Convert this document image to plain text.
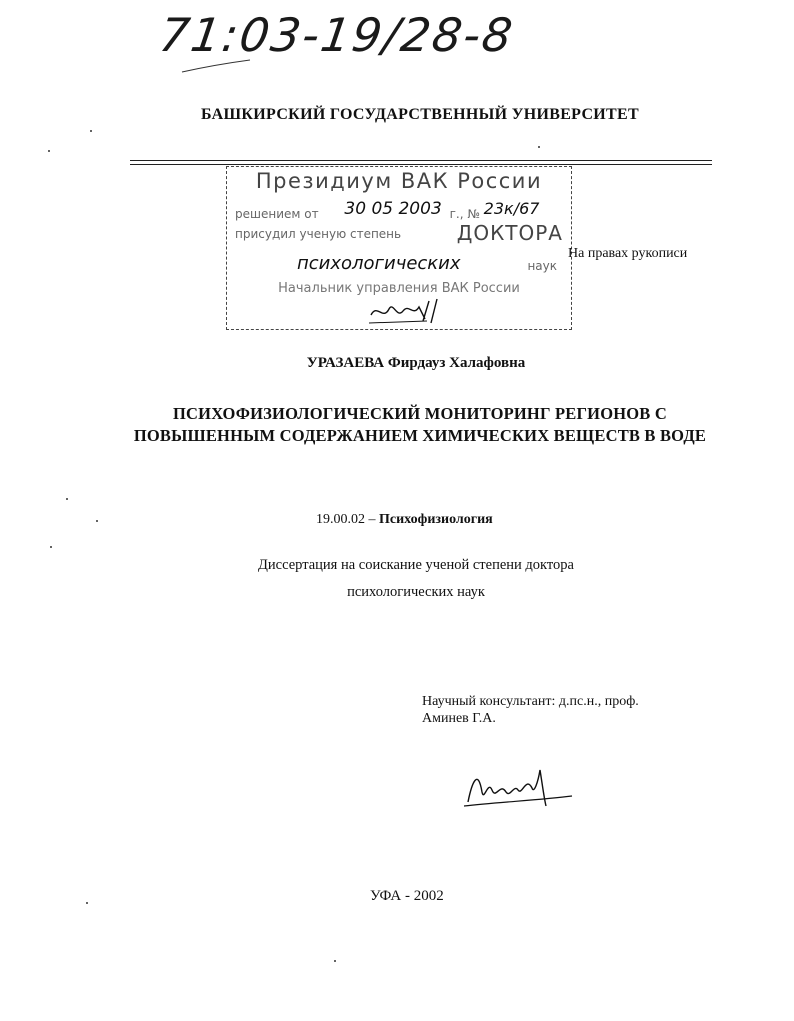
71:03-19/28-8
БАШКИРСКИЙ ГОСУДАРСТВЕННЫЙ УНИВЕРСИТЕТ
Президиум ВАК России
решением от 30 05 2003 г., № 23к/67
присудил ученую степень	ДОКТОРА
психологических	наук
Начальник управления ВАК России
На правах рукописи
УРАЗАЕВА Фирдауз Халафовна
ПСИХОФИЗИОЛОГИЧЕСКИЙ МОНИТОРИНГ РЕГИОНОВ С
ПОВЫШЕННЫМ СОДЕРЖАНИЕМ ХИМИЧЕСКИХ ВЕЩЕСТВ В ВОДЕ
19.00.02 – Психофизиология
Диссертация на соискание ученой степени доктора
психологических наук
Научный консультант: д.пс.н., проф.
Аминев Г.А.
УФА - 2002
